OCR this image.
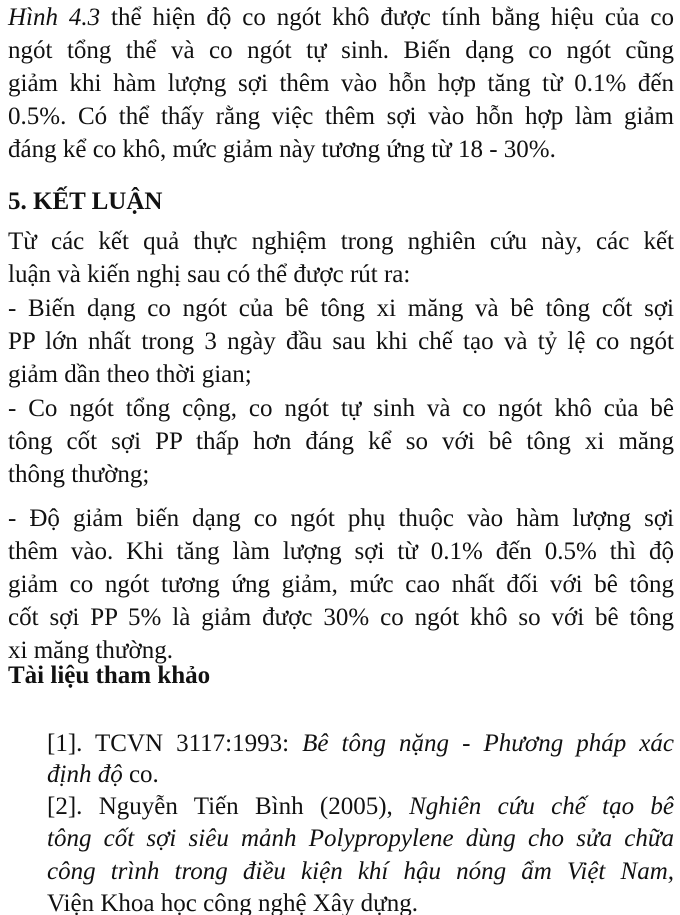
Hình 4.3 thể hiện độ co ngót khô được tính bằng hiệu của co
ngót tổng thể và co ngót tự sinh. Biến dạng co ngót cũng
giảm khi hàm lượng sợi thêm vào hỗn hợp tăng từ 0.1% đến
0.5%. Có thể thấy rằng việc thêm sợi vào hỗn hợp làm giảm
đáng kể co khô, mức giảm này tương ứng từ 18 - 30%.
5. KẾT LUẬN
Từ các kết quả thực nghiệm trong nghiên cứu này, các kết
luận và kiến nghị sau có thể được rút ra:
- Biến dạng co ngót của bê tông xi măng và bê tông cốt sợi
PP lớn nhất trong 3 ngày đầu sau khi chế tạo và tỷ lệ co ngót
giảm dần theo thời gian;
- Co ngót tổng cộng, co ngót tự sinh và co ngót khô của bê
tông cốt sợi PP thấp hơn đáng kể so với bê tông xi măng
thông thường;
- Độ giảm biến dạng co ngót phụ thuộc vào hàm lượng sợi
thêm vào. Khi tăng làm lượng sợi từ 0.1% đến 0.5% thì độ
giảm co ngót tương ứng giảm, mức cao nhất đối với bê tông
cốt sợi PP 5% là giảm được 30% co ngót khô so với bê tông
xi măng thường.
Tài liệu tham khảo
[1]. TCVN 3117:1993: Bê tông nặng - Phương pháp xác
định độ co.
[2]. Nguyễn Tiến Bình (2005), Nghiên cứu chế tạo bê
tông cốt sợi siêu mảnh Polypropylene dùng cho sửa chữa
công trình trong điều kiện khí hậu nóng ẩm Việt Nam,
Viện Khoa học công nghệ Xây dựng.
